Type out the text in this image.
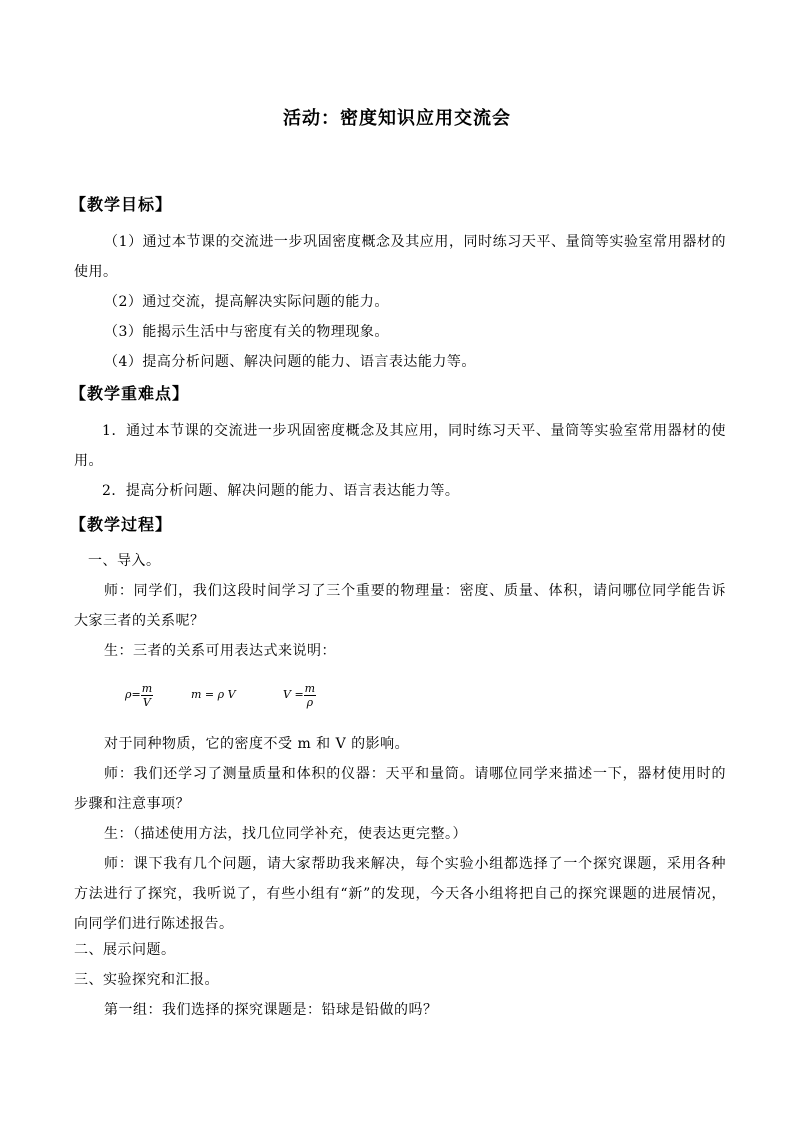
活动：密度知识应用交流会
【教学目标】
（1）通过本节课的交流进一步巩固密度概念及其应用，同时练习天平、量筒等实验室常用器材的使用。
（2）通过交流，提高解决实际问题的能力。
（3）能揭示生活中与密度有关的物理现象。
（4）提高分析问题、解决问题的能力、语言表达能力等。
【教学重难点】
1．通过本节课的交流进一步巩固密度概念及其应用，同时练习天平、量筒等实验室常用器材的使用。
2．提高分析问题、解决问题的能力、语言表达能力等。
【教学过程】
一、导入。
师：同学们，我们这段时间学习了三个重要的物理量：密度、质量、体积，请问哪位同学能告诉大家三者的关系呢？
生：三者的关系可用表达式来说明：
$\rho= \frac{m}{V}$	m = ρ V	$V = \frac{m}{\rho}$
对于同种物质，它的密度不受 m 和 V 的影响。
师：我们还学习了测量质量和体积的仪器：天平和量筒。请哪位同学来描述一下，器材使用时的步骤和注意事项？
生：（描述使用方法，找几位同学补充，使表达更完整。）
师：课下我有几个问题，请大家帮助我来解决，每个实验小组都选择了一个探究课题，采用各种方法进行了探究，我听说了，有些小组有“新”的发现，今天各小组将把自己的探究课题的进展情况，向同学们进行陈述报告。
二、展示问题。
三、实验探究和汇报。
第一组：我们选择的探究课题是：铅球是铅做的吗？
